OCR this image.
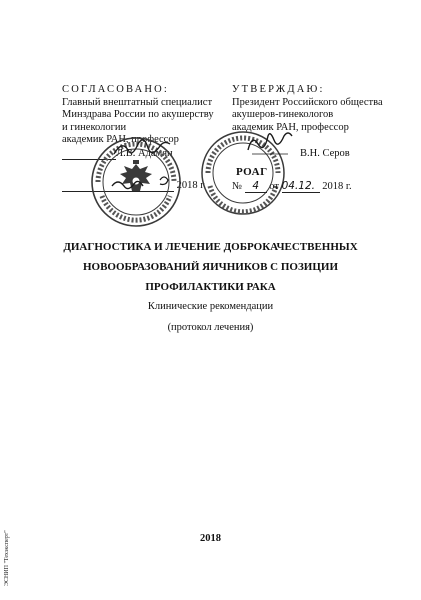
СОГЛАСОВАНО:
Главный внештатный специалист
Минздрава России по акушерству
и гинекологии
академик РАН, профессор
Л.В. Адамян
2018 г.
УТВЕРЖДАЮ:
Президент Российского общества
акушеров-гинекологов
академик РАН, профессор
В.Н. Серов
РОАГ
№ 4 от 04.12. 2018 г.
ДИАГНОСТИКА И ЛЕЧЕНИЕ ДОБРОКАЧЕСТВЕННЫХ
НОВООБРАЗОВАНИЙ ЯИЧНИКОВ С ПОЗИЦИИ
ПРОФИЛАКТИКИ РАКА
Клинические рекомендации
(протокол лечения)
2018
ЭСНИП "Техэксперт"
